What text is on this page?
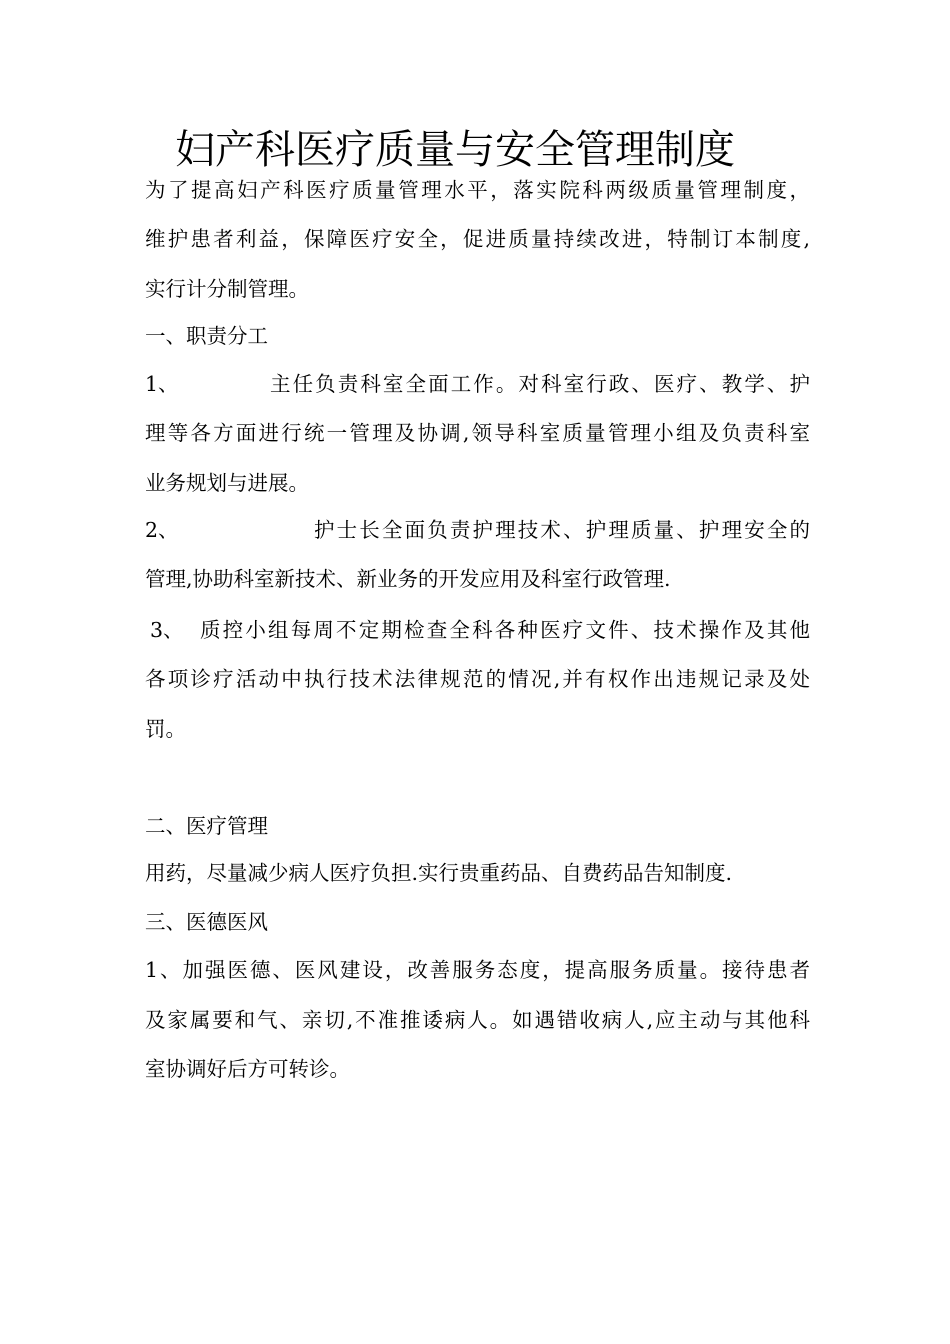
妇产科医疗质量与安全管理制度
为了提高妇产科医疗质量管理水平，落实院科两级质量管理制度，
维护患者利益，保障医疗安全，促进质量持续改进，特制订本制度,
实行计分制管理。
一、职责分工
1、	主任负责科室全面工作。对科室行政、医疗、教学、护
理等各方面进行统一管理及协调,领导科室质量管理小组及负责科室
业务规划与进展。
2、	护士长全面负责护理技术、护理质量、护理安全的
管理,协助科室新技术、新业务的开发应用及科室行政管理.
3、 质控小组每周不定期检查全科各种医疗文件、技术操作及其他
各项诊疗活动中执行技术法律规范的情况,并有权作出违规记录及处
罚。
二、医疗管理
用药，尽量减少病人医疗负担.实行贵重药品、自费药品告知制度.
三、医德医风
1、加强医德、医风建设，改善服务态度，提高服务质量。接待患者
及家属要和气、亲切,不准推诿病人。如遇错收病人,应主动与其他科
室协调好后方可转诊。
